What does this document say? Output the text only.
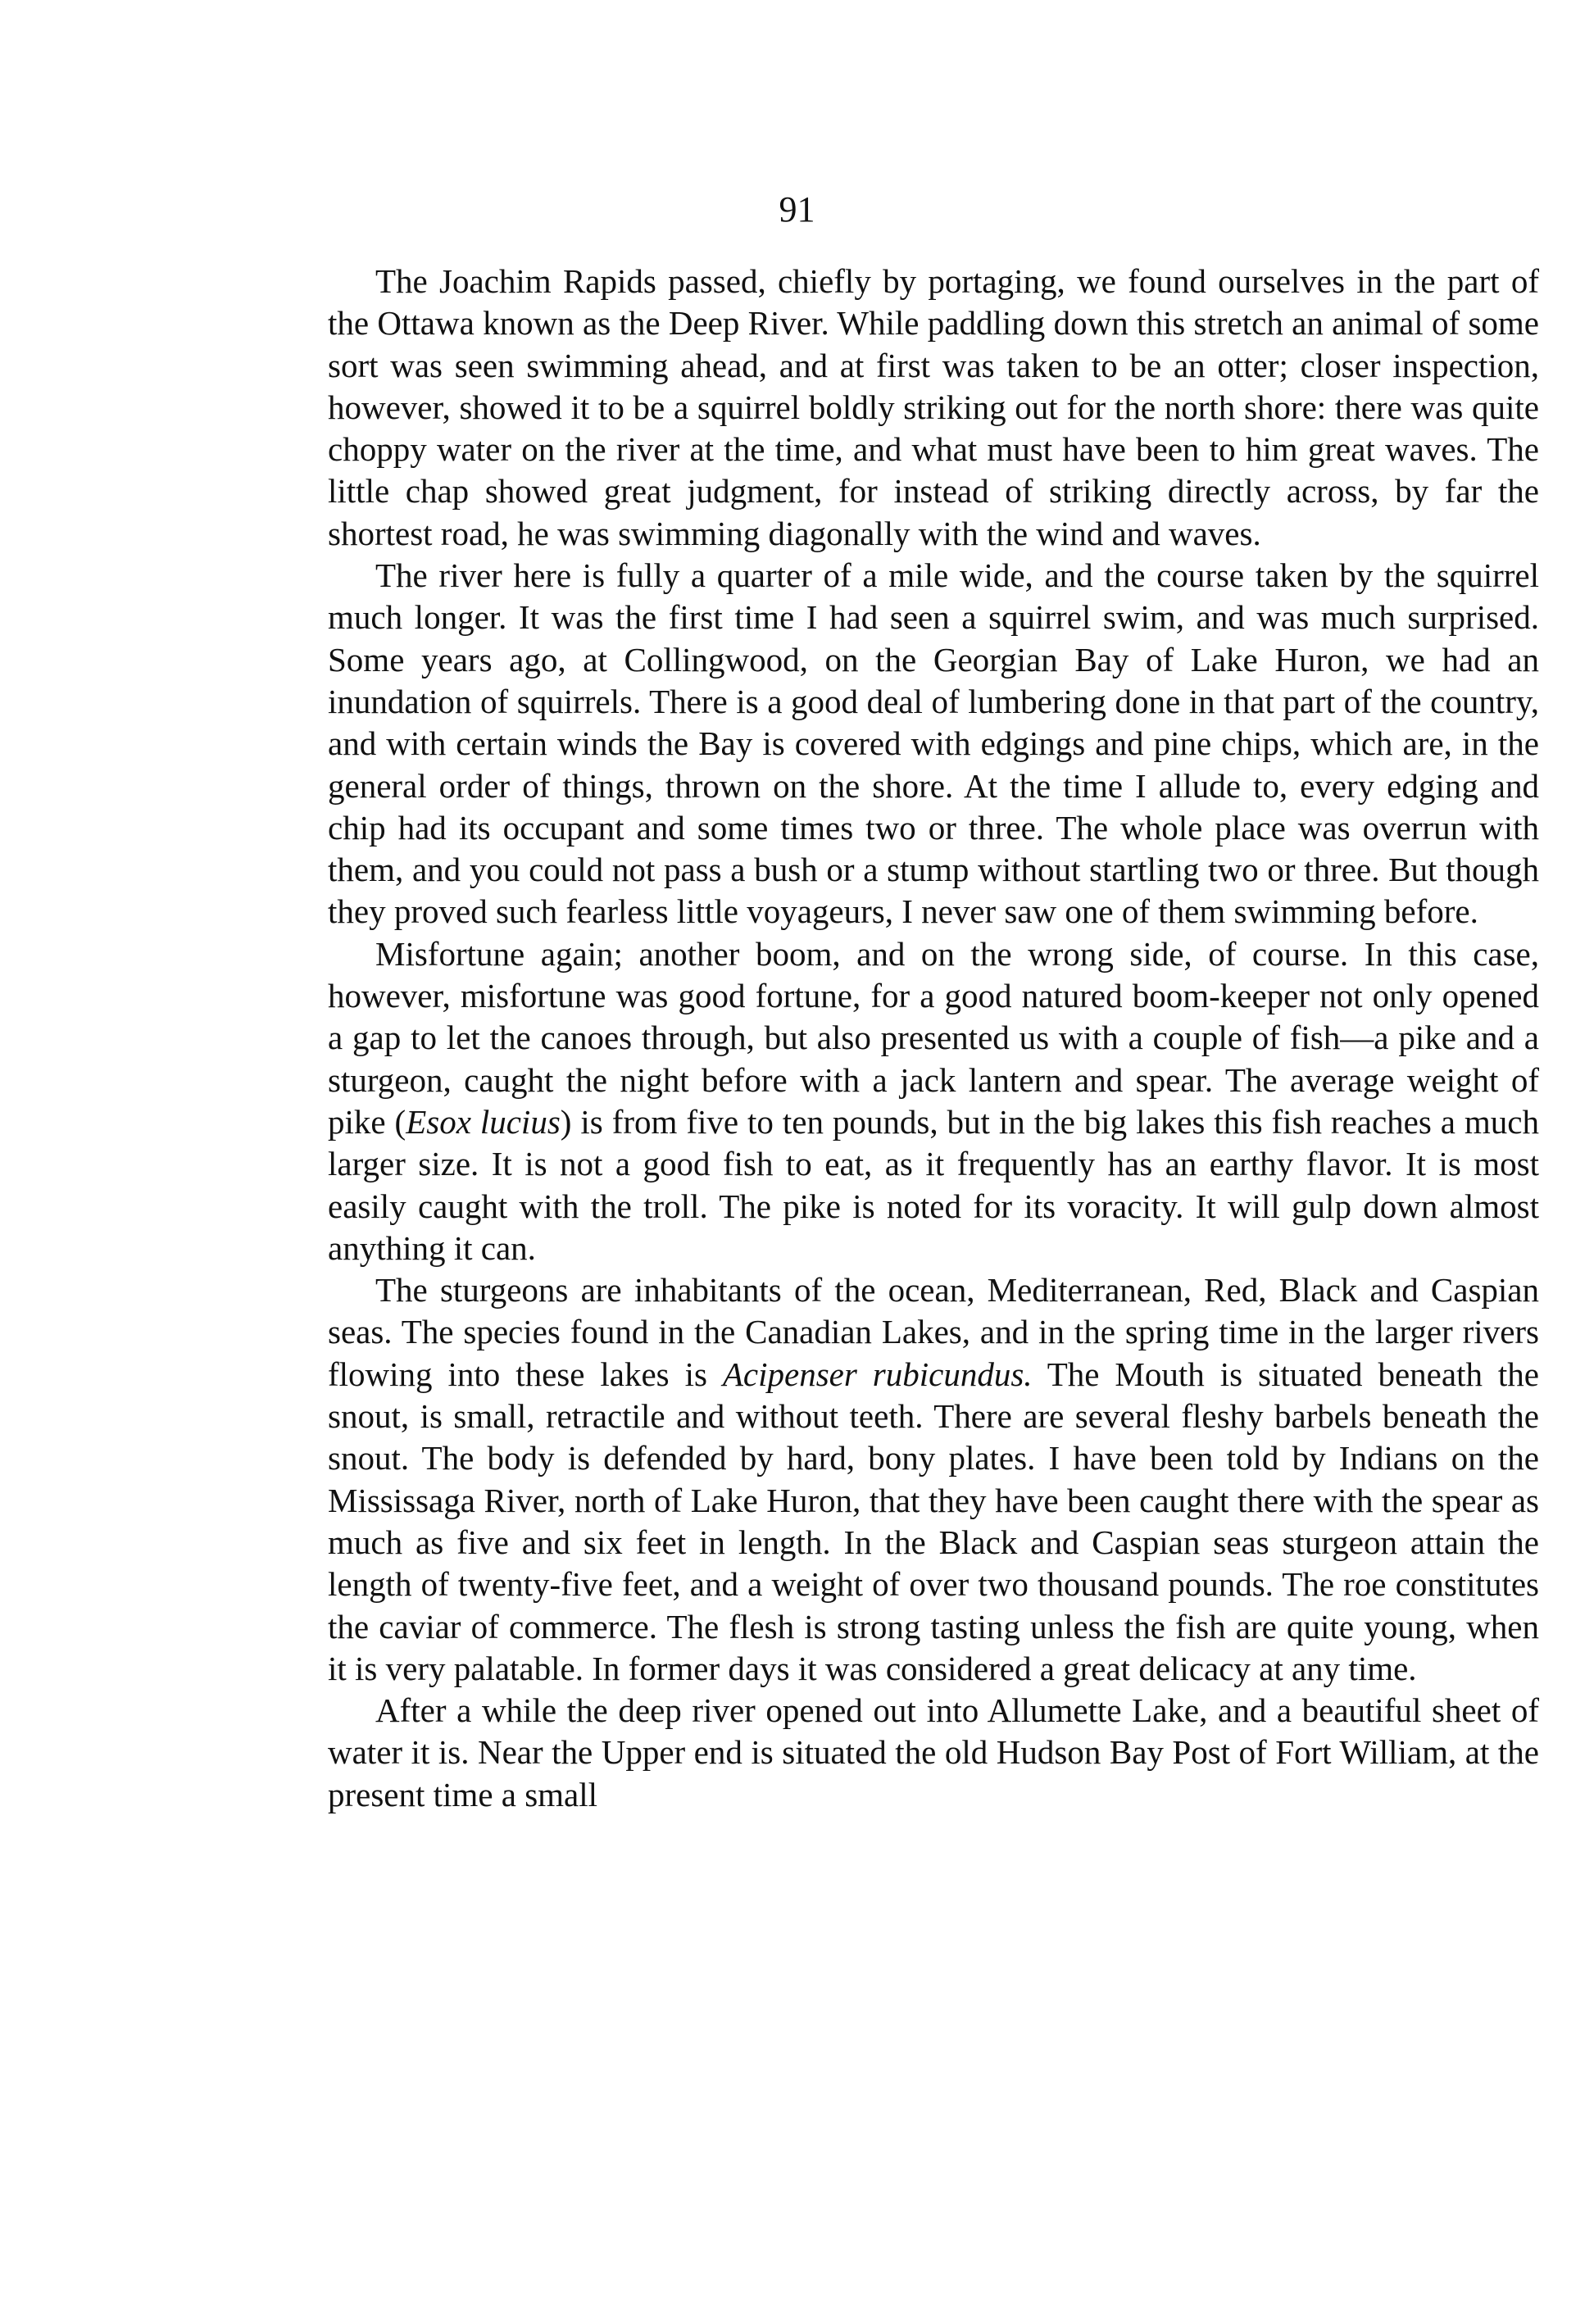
91

The Joachim Rapids passed, chiefly by portaging, we found ourselves in the part of the Ottawa known as the Deep River. While paddling down this stretch an animal of some sort was seen swimming ahead, and at first was taken to be an otter; closer inspection, however, showed it to be a squirrel boldly striking out for the north shore: there was quite choppy water on the river at the time, and what must have been to him great waves. The little chap showed great judgment, for instead of striking directly across, by far the shortest road, he was swimming diagonally with the wind and waves.

The river here is fully a quarter of a mile wide, and the course taken by the squirrel much longer. It was the first time I had seen a squirrel swim, and was much surprised. Some years ago, at Collingwood, on the Georgian Bay of Lake Huron, we had an inundation of squirrels. There is a good deal of lumbering done in that part of the country, and with certain winds the Bay is covered with edgings and pine chips, which are, in the general order of things, thrown on the shore. At the time I allude to, every edging and chip had its occupant and some times two or three. The whole place was overrun with them, and you could not pass a bush or a stump without startling two or three. But though they proved such fearless little voyageurs, I never saw one of them swimming before.

Misfortune again; another boom, and on the wrong side, of course. In this case, however, misfortune was good fortune, for a good natured boom-keeper not only opened a gap to let the canoes through, but also presented us with a couple of fish—a pike and a sturgeon, caught the night before with a jack lantern and spear. The average weight of pike (Esox lucius) is from five to ten pounds, but in the big lakes this fish reaches a much larger size. It is not a good fish to eat, as it frequently has an earthy flavor. It is most easily caught with the troll. The pike is noted for its voracity. It will gulp down almost anything it can.

The sturgeons are inhabitants of the ocean, Mediterranean, Red, Black and Caspian seas. The species found in the Canadian Lakes, and in the spring time in the larger rivers flowing into these lakes is Acipenser rubicundus. The Mouth is situated beneath the snout, is small, retractile and without teeth. There are several fleshy barbels beneath the snout. The body is defended by hard, bony plates. I have been told by Indians on the Mississaga River, north of Lake Huron, that they have been caught there with the spear as much as five and six feet in length. In the Black and Caspian seas sturgeon attain the length of twenty-five feet, and a weight of over two thousand pounds. The roe constitutes the caviar of commerce. The flesh is strong tasting unless the fish are quite young, when it is very palatable. In former days it was considered a great delicacy at any time.

After a while the deep river opened out into Allumette Lake, and a beautiful sheet of water it is. Near the Upper end is situated the old Hudson Bay Post of Fort William, at the present time a small
